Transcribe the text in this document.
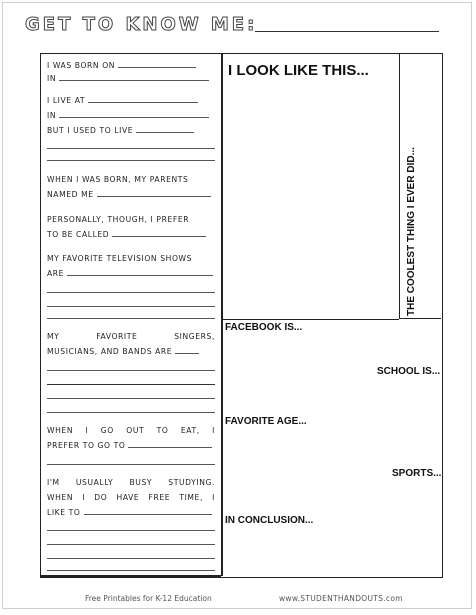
GET TO KNOW ME:
I WAS BORN ON
IN
I LIVE AT
IN
BUT I USED TO LIVE
WHEN I WAS BORN, MY PARENTS
NAMED ME
PERSONALLY, THOUGH, I PREFER
TO BE CALLED
MY FAVORITE TELEVISION SHOWS
ARE
MY FAVORITE SINGERS,
MUSICIANS, AND BANDS ARE
WHEN I GO OUT TO EAT, I
PREFER TO GO TO
I'M USUALLY BUSY STUDYING.
WHEN I DO HAVE FREE TIME, I
LIKE TO
I LOOK LIKE THIS...
THE COOLEST THING I EVER DID...
FACEBOOK IS...
SCHOOL IS...
FAVORITE AGE...
SPORTS...
IN CONCLUSION...
Free Printables for K-12 Education	www.STUDENTHANDOUTS.com
